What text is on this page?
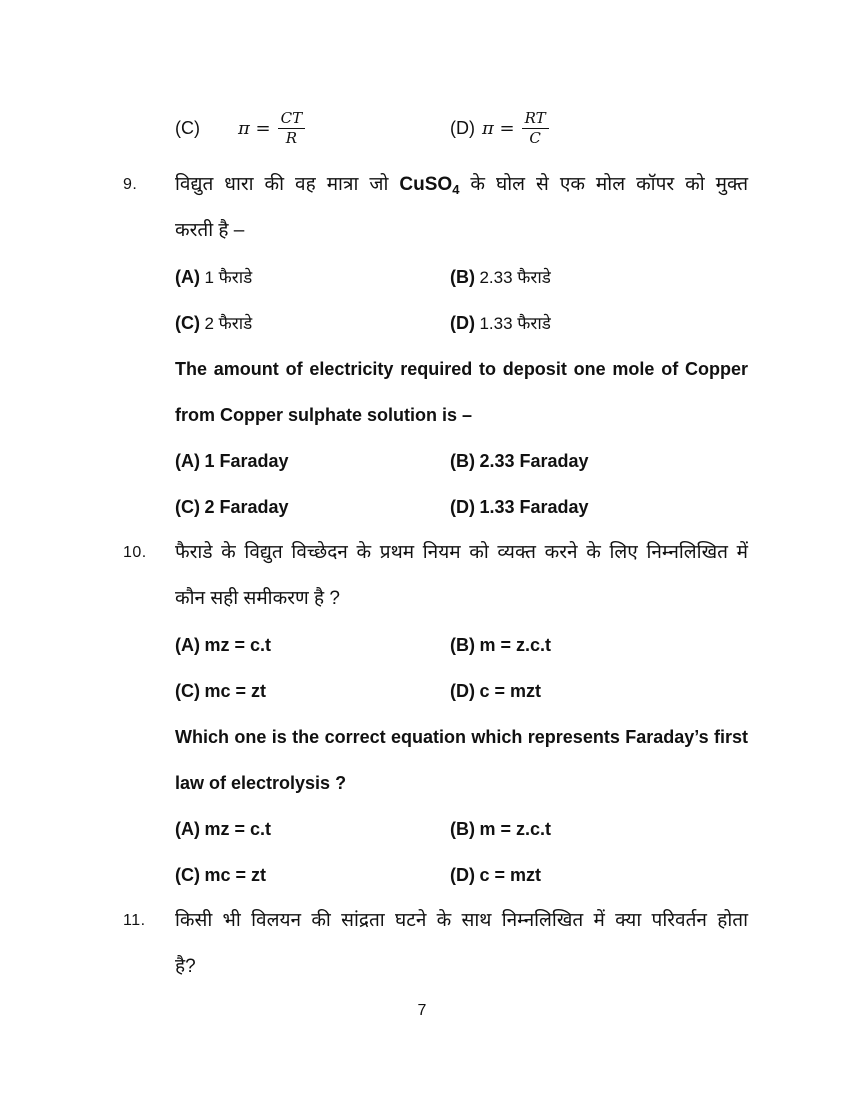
(C) $\pi = \frac{CT}{R}$	(D) $\pi = \frac{RT}{C}$
9. विद्युत धारा की वह मात्रा जो CuSO$_4$ के घोल से एक मोल कॉपर को मुक्त
करती है –
(A) 1 फैराडे	(B) 2.33 फैराडे
(C) 2 फैराडे	(D) 1.33 फैराडे
The amount of electricity required to deposit one mole of Copper
from Copper sulphate solution is –
(A) 1 Faraday	(B) 2.33 Faraday
(C) 2 Faraday	(D) 1.33 Faraday
10. फैराडे के विद्युत विच्छेदन के प्रथम नियम को व्यक्त करने के लिए निम्नलिखित में
कौन सही समीकरण है ?
(A) mz = c.t	(B) m = z.c.t
(C) mc = zt	(D) c = mzt
Which one is the correct equation which represents Faraday’s first
law of electrolysis ?
(A) mz = c.t	(B) m = z.c.t
(C) mc = zt	(D) c = mzt
11. किसी भी विलयन की सांद्रता घटने के साथ निम्नलिखित में क्या परिवर्तन होता
है?
7
